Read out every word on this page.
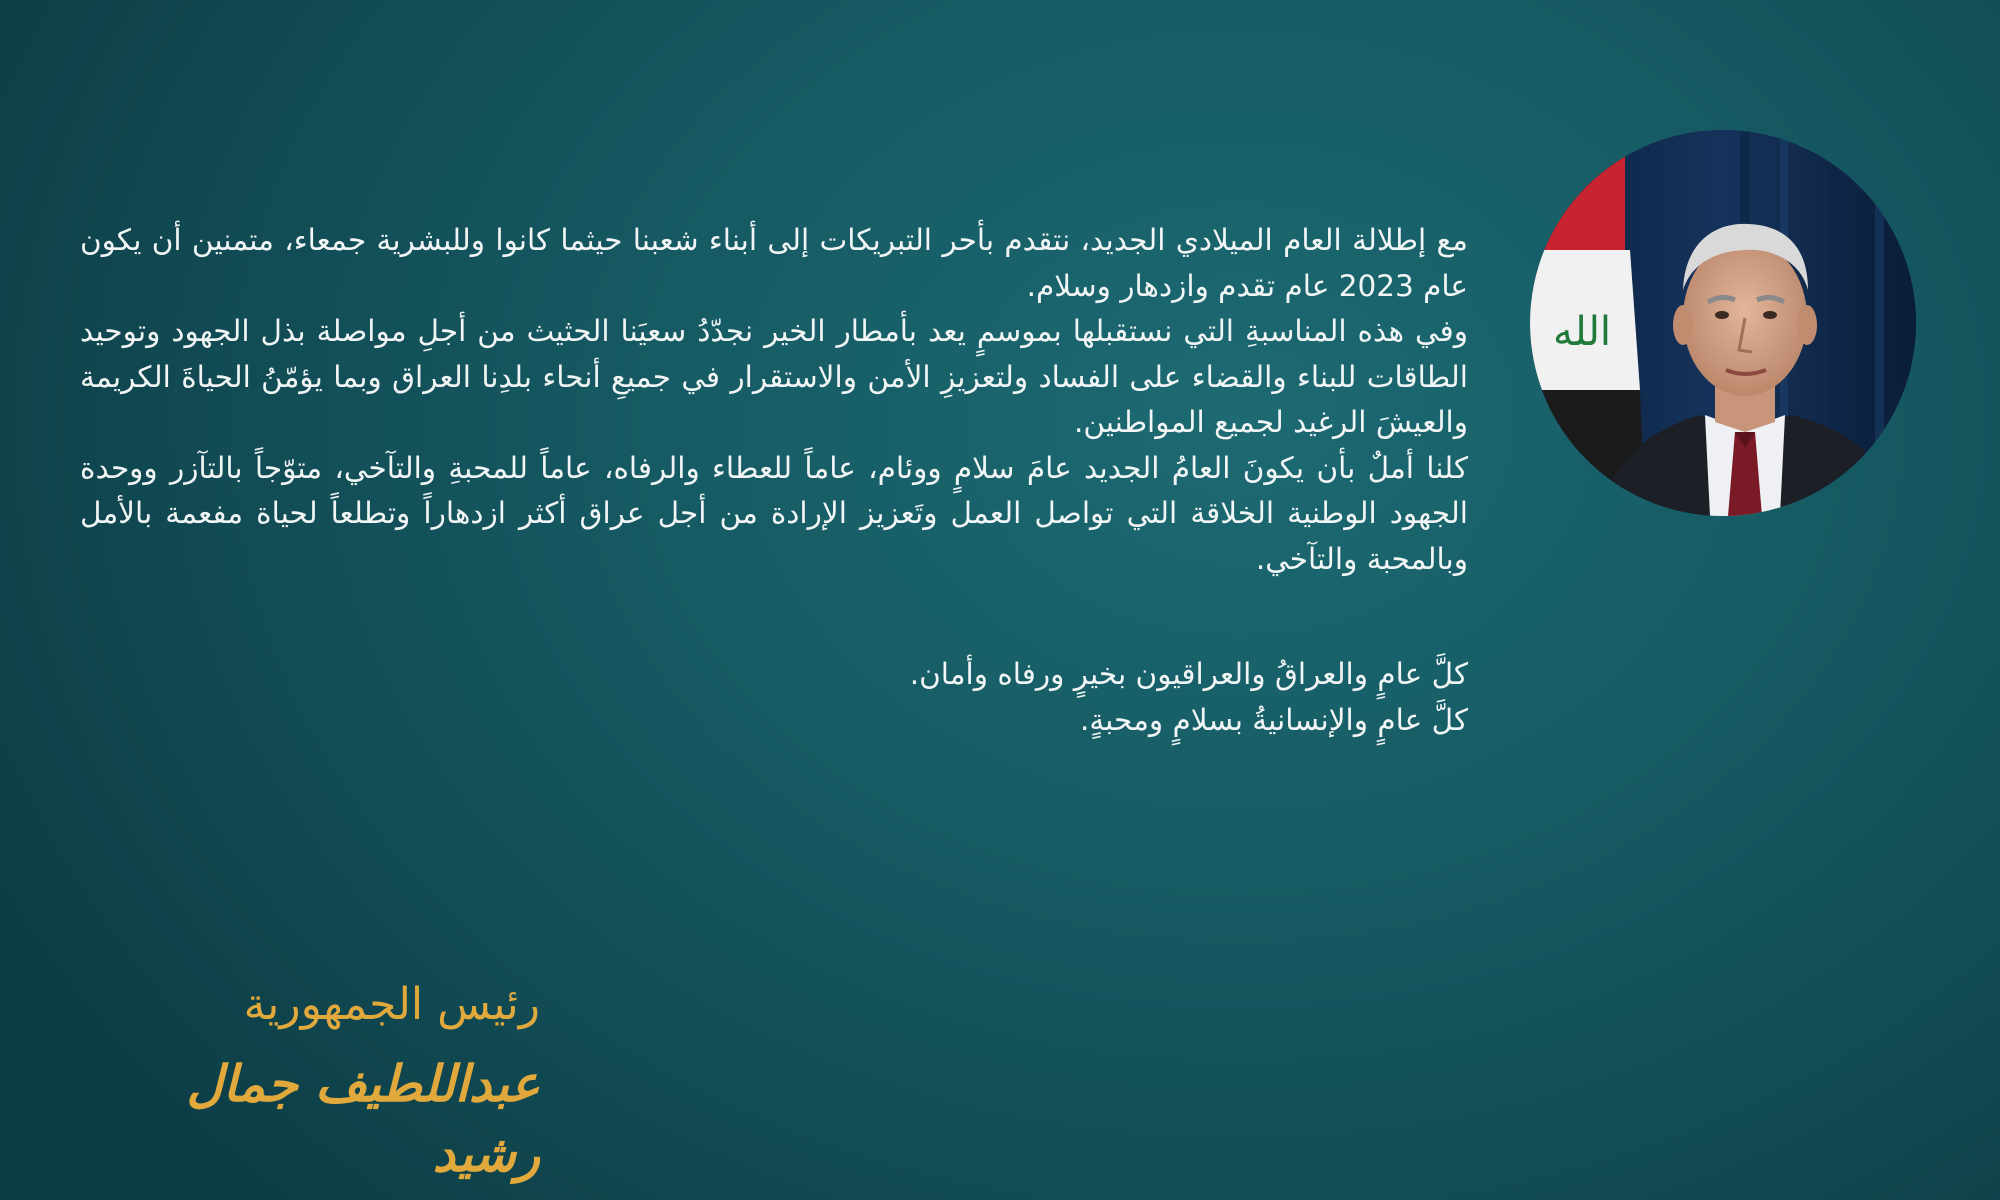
مع إطلالة العام الميلادي الجديد، نتقدم بأحر التبريكات إلى أبناء شعبنا حيثما كانوا وللبشرية جمعاء، متمنين أن يكون عام 2023 عام تقدم وازدهار وسلام.

وفي هذه المناسبةِ التي نستقبلها بموسمٍ يعد بأمطار الخير نجدّدُ سعيَنا الحثيث من أجلِ مواصلة بذل الجهود وتوحيد الطاقات للبناء والقضاء على الفساد ولتعزيزِ الأمن والاستقرار في جميعِ أنحاء بلدِنا العراق وبما يؤمّنُ الحياةَ الكريمة والعيشَ الرغيد لجميع المواطنين.

كلنا أملٌ بأن يكونَ العامُ الجديد عامَ سلامٍ ووئام، عاماً للعطاء والرفاه، عاماً للمحبةِ والتآخي، متوّجاً بالتآزر ووحدة الجهود الوطنية الخلاقة التي تواصل العمل وتَعزيز الإرادة من أجل عراق أكثر ازدهاراً وتطلعاً لحياة مفعمة بالأمل وبالمحبة والتآخي.

كلَّ عامٍ والعراقُ والعراقيون بخيرٍ ورفاه وأمان.

كلَّ عامٍ والإنسانيةُ بسلامٍ ومحبةٍ.

الله
رئيس الجمهورية
عبداللطيف جمال رشيد
